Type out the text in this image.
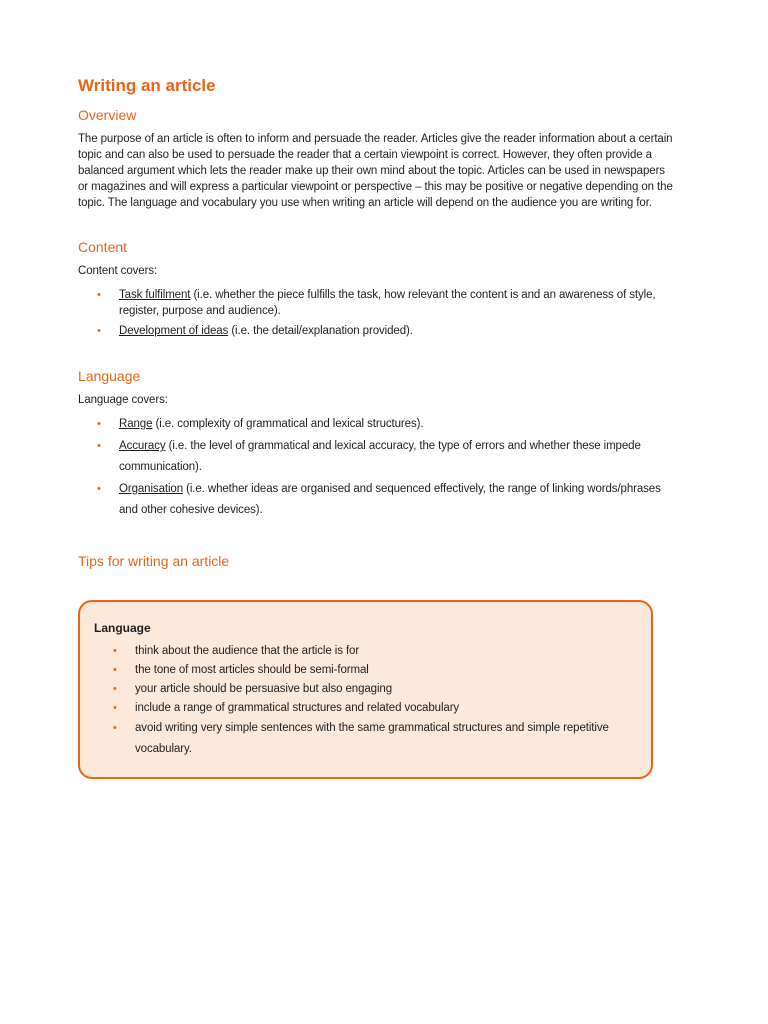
Writing an article
Overview

The purpose of an article is often to inform and persuade the reader. Articles give the reader information about a certain topic and can also be used to persuade the reader that a certain viewpoint is correct. However, they often provide a balanced argument which lets the reader make up their own mind about the topic. Articles can be used in newspapers or magazines and will express a particular viewpoint or perspective – this may be positive or negative depending on the topic. The language and vocabulary you use when writing an article will depend on the audience you are writing for.

Content

Content covers:

• Task fulfilment (i.e. whether the piece fulfills the task, how relevant the content is and an awareness of style, register, purpose and audience).
• Development of ideas (i.e. the detail/explanation provided).
Language

Language covers:

• Range (i.e. complexity of grammatical and lexical structures).
• Accuracy (i.e. the level of grammatical and lexical accuracy, the type of errors and whether these impede communication).
• Organisation (i.e. whether ideas are organised and sequenced effectively, the range of linking words/phrases and other cohesive devices).
Tips for writing an article
Language
• think about the audience that the article is for
• the tone of most articles should be semi-formal
• your article should be persuasive but also engaging
• include a range of grammatical structures and related vocabulary
• avoid writing very simple sentences with the same grammatical structures and simple repetitive vocabulary.
